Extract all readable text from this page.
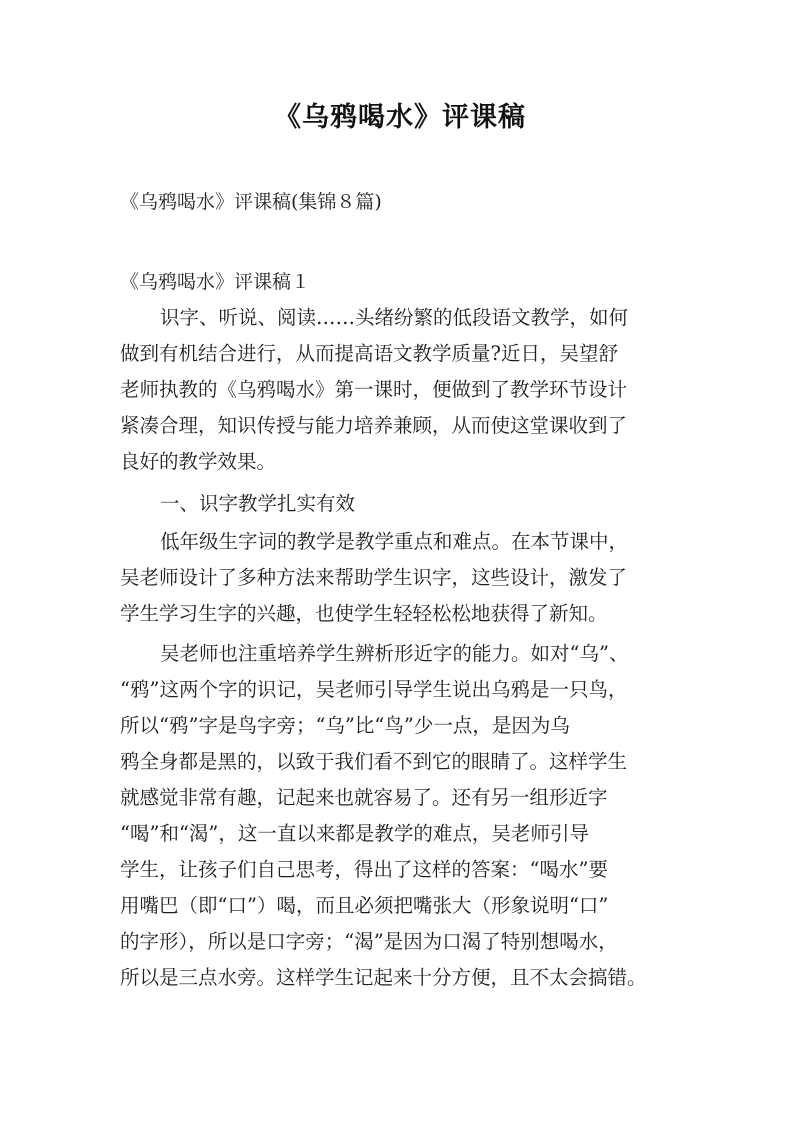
《乌鸦喝水》评课稿
《乌鸦喝水》评课稿(集锦８篇)
《乌鸦喝水》评课稿１
识字、听说、阅读……头绪纷繁的低段语文教学，如何
做到有机结合进行，从而提高语文教学质量?近日，吴望舒
老师执教的《乌鸦喝水》第一课时，便做到了教学环节设计
紧凑合理，知识传授与能力培养兼顾，从而使这堂课收到了
良好的教学效果。
一、识字教学扎实有效
低年级生字词的教学是教学重点和难点。在本节课中，
吴老师设计了多种方法来帮助学生识字，这些设计，激发了
学生学习生字的兴趣，也使学生轻轻松松地获得了新知。
吴老师也注重培养学生辨析形近字的能力。如对“乌”、
“鸦”这两个字的识记，吴老师引导学生说出乌鸦是一只鸟，
所以“鸦”字是鸟字旁；“乌”比“鸟”少一点，是因为乌
鸦全身都是黑的，以致于我们看不到它的眼睛了。这样学生
就感觉非常有趣，记起来也就容易了。还有另一组形近字
“喝”和“渴”，这一直以来都是教学的难点，吴老师引导
学生，让孩子们自己思考，得出了这样的答案：“喝水”要
用嘴巴（即“口”）喝，而且必须把嘴张大（形象说明“口”
的字形），所以是口字旁；“渴”是因为口渴了特别想喝水，
所以是三点水旁。这样学生记起来十分方便，且不太会搞错。
